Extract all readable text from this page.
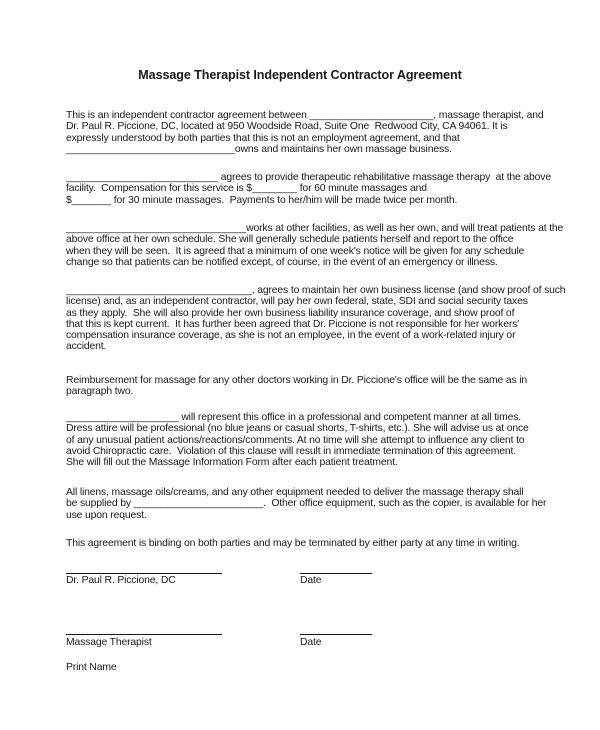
Massage Therapist Independent Contractor Agreement

This is an independent contractor agreement between ______________________, massage therapist, and
Dr. Paul R. Piccione, DC, located at 950 Woodside Road, Suite One  Redwood City, CA 94061. It is
expressly understood by both parties that this is not an employment agreement, and that
______________________________owns and maintains her own massage business.

___________________________ agrees to provide therapeutic rehabilitative massage therapy  at the above
facility.  Compensation for this service is $________ for 60 minute massages and
$_______ for 30 minute massages.  Payments to her/him will be made twice per month.

________________________________works at other facilities, as well as her own, and will treat patients at the
above office at her own schedule. She will generally schedule patients herself and report to the office
when they will be seen.  It is agreed that a minimum of one week's notice will be given for any schedule
change so that patients can be notified except, of course, in the event of an emergency or illness.

_________________________________, agrees to maintain her own business license (and show proof of such
license) and, as an independent contractor, will pay her own federal, state, SDI and social security taxes
as they apply.  She will also provide her own business liability insurance coverage, and show proof of
that this is kept current.  It has further been agreed that Dr. Piccione is not responsible for her workers'
compensation insurance coverage, as she is not an employee, in the event of a work-related injury or
accident.

Reimbursement for massage for any other doctors working in Dr. Piccione's office will be the same as in
paragraph two.

____________________ will represent this office in a professional and competent manner at all times.
Dress attire will be professional (no blue jeans or casual shorts, T-shirts, etc.). She will advise us at once
of any unusual patient actions/reactions/comments. At no time will she attempt to influence any client to
avoid Chiropractic care.  Violation of this clause will result in immediate termination of this agreement.
She will fill out the Massage Information Form after each patient treatment.

All linens, massage oils/creams, and any other equipment needed to deliver the massage therapy shall
be supplied by _______________________.  Other office equipment, such as the copier, is available for her
use upon request.

This agreement is binding on both parties and may be terminated by either party at any time in writing.

Dr. Paul R. Piccione, DC	Date

Massage Therapist	Date

Print Name
